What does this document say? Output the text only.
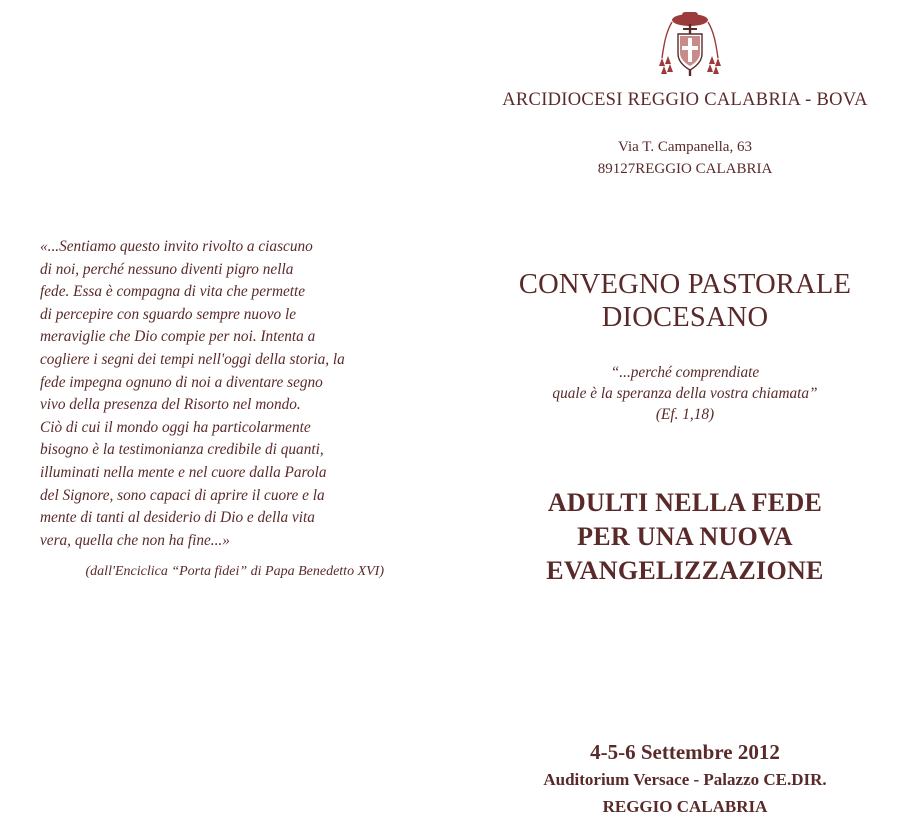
«...Sentiamo questo invito rivolto a ciascuno
di noi, perché nessuno diventi pigro nella
fede. Essa è compagna di vita che permette
di percepire con sguardo sempre nuovo le
meraviglie che Dio compie per noi. Intenta a
cogliere i segni dei tempi nell'oggi della storia, la
fede impegna ognuno di noi a diventare segno
vivo della presenza del Risorto nel mondo.
Ciò di cui il mondo oggi ha particolarmente
bisogno è la testimonianza credibile di quanti,
illuminati nella mente e nel cuore dalla Parola
del Signore, sono capaci di aprire il cuore e la
mente di tanti al desiderio di Dio e della vita
vera, quella che non ha fine...»
(dall'Enciclica “Porta fidei” di Papa Benedetto XVI)
ARCIDIOCESI REGGIO CALABRIA - BOVA
Via T. Campanella, 63
89127REGGIO CALABRIA
CONVEGNO PASTORALE
DIOCESANO
“...perché comprendiate
quale è la speranza della vostra chiamata”
(Ef. 1,18)
ADULTI NELLA FEDE
PER UNA NUOVA
EVANGELIZZAZIONE
4-5-6 Settembre 2012
Auditorium Versace - Palazzo CE.DIR.
REGGIO CALABRIA
